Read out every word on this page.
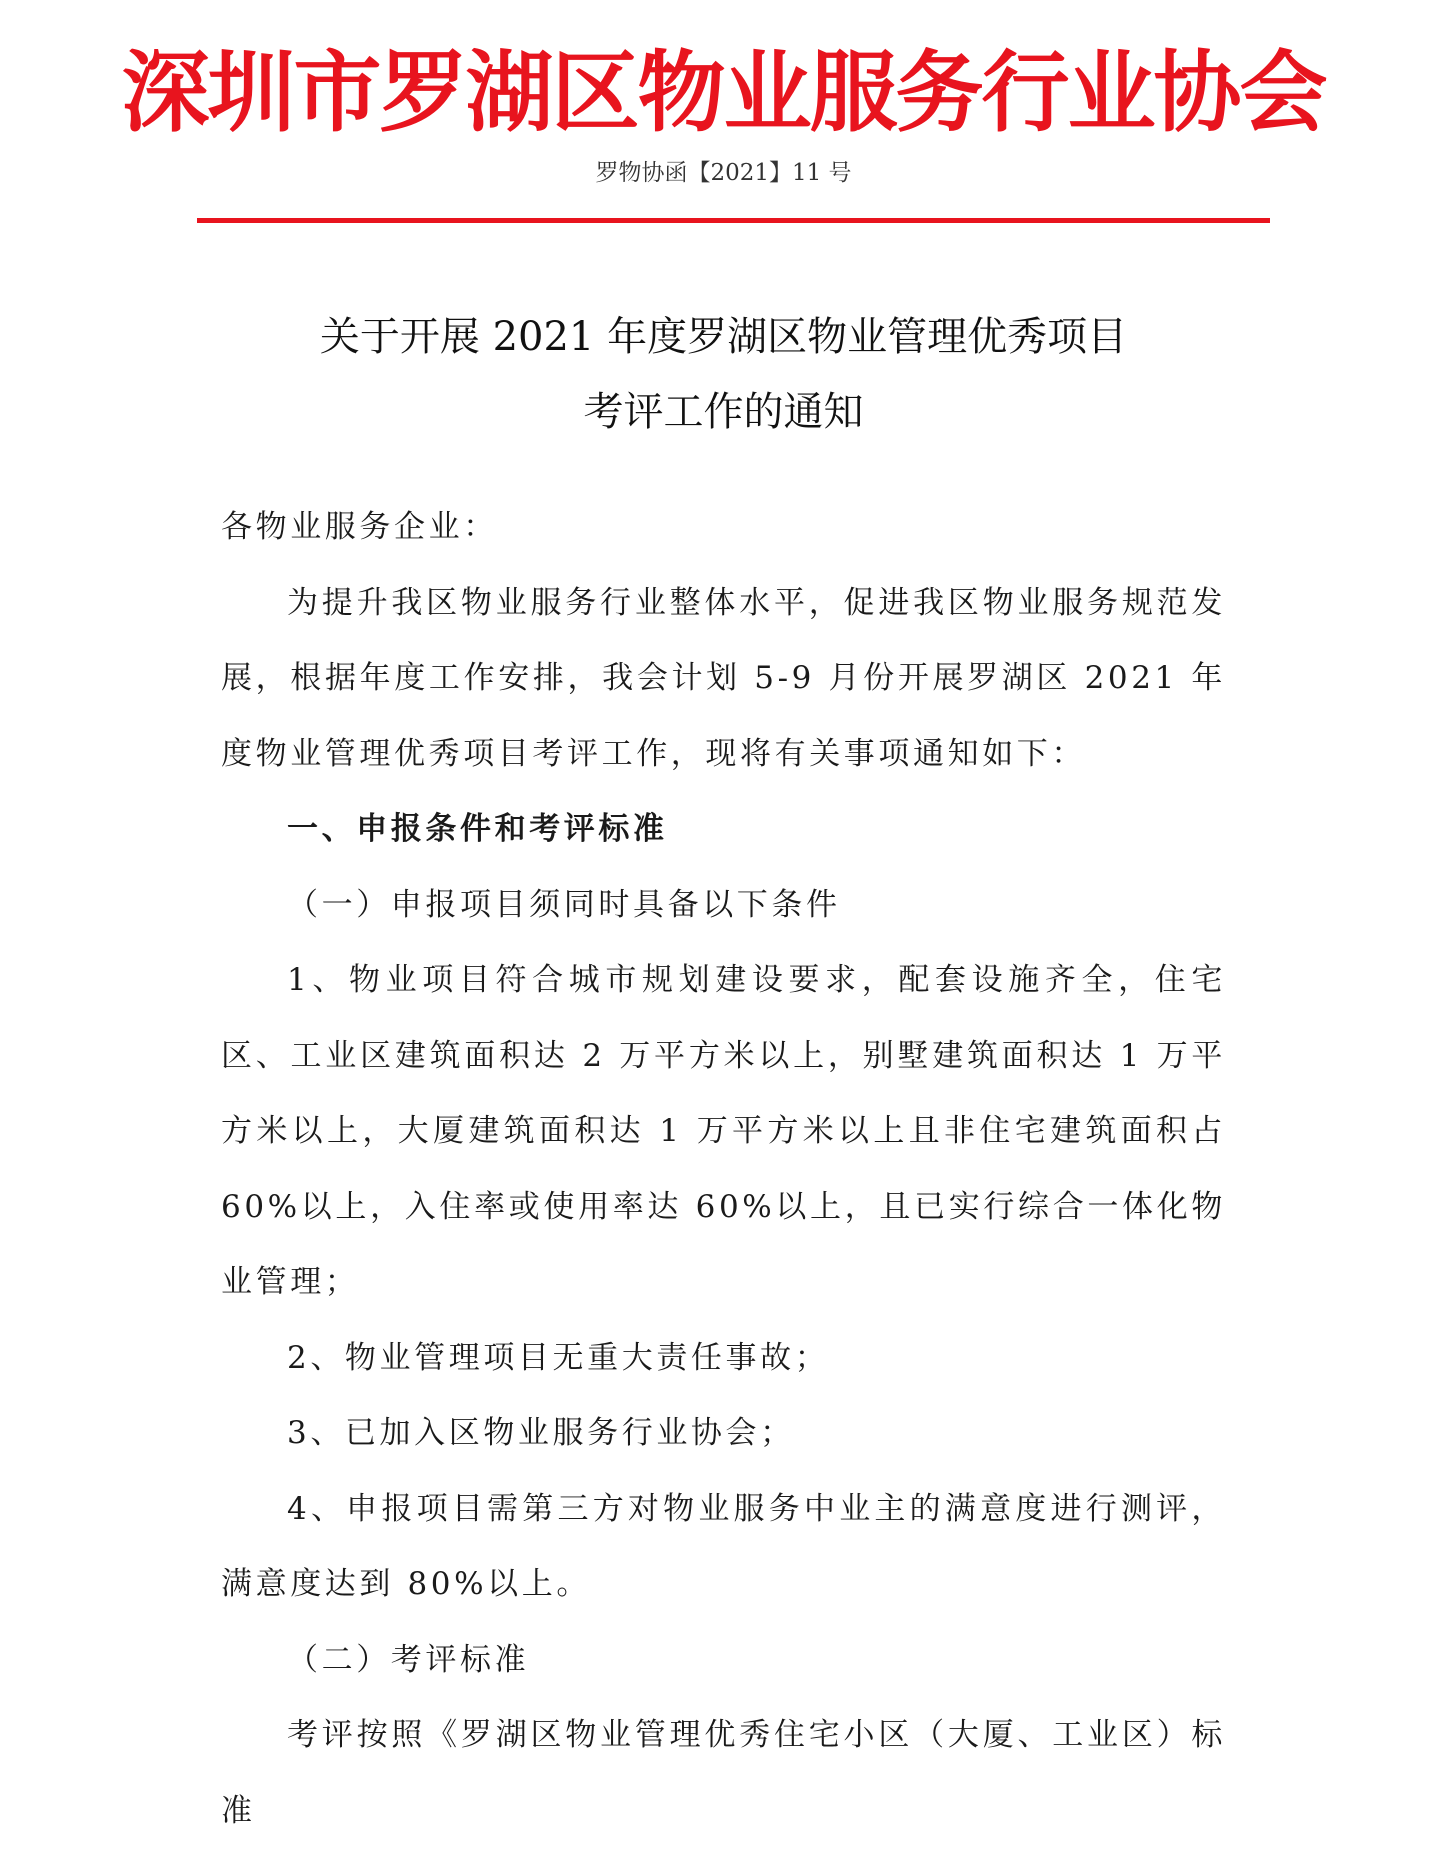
深圳市罗湖区物业服务行业协会
罗物协函【2021】11 号
关于开展 2021 年度罗湖区物业管理优秀项目
考评工作的通知

各物业服务企业：

为提升我区物业服务行业整体水平，促进我区物业服务规范发展，根据年度工作安排，我会计划 5-9 月份开展罗湖区 2021 年度物业管理优秀项目考评工作，现将有关事项通知如下：

一、申报条件和考评标准

（一）申报项目须同时具备以下条件

1、物业项目符合城市规划建设要求，配套设施齐全，住宅区、工业区建筑面积达 2 万平方米以上，别墅建筑面积达 1 万平方米以上，大厦建筑面积达 1 万平方米以上且非住宅建筑面积占 60%以上，入住率或使用率达 60%以上，且已实行综合一体化物业管理；

2、物业管理项目无重大责任事故；

3、已加入区物业服务行业协会；

4、申报项目需第三方对物业服务中业主的满意度进行测评，满意度达到 80%以上。

（二）考评标准

考评按照《罗湖区物业管理优秀住宅小区（大厦、工业区）标准
